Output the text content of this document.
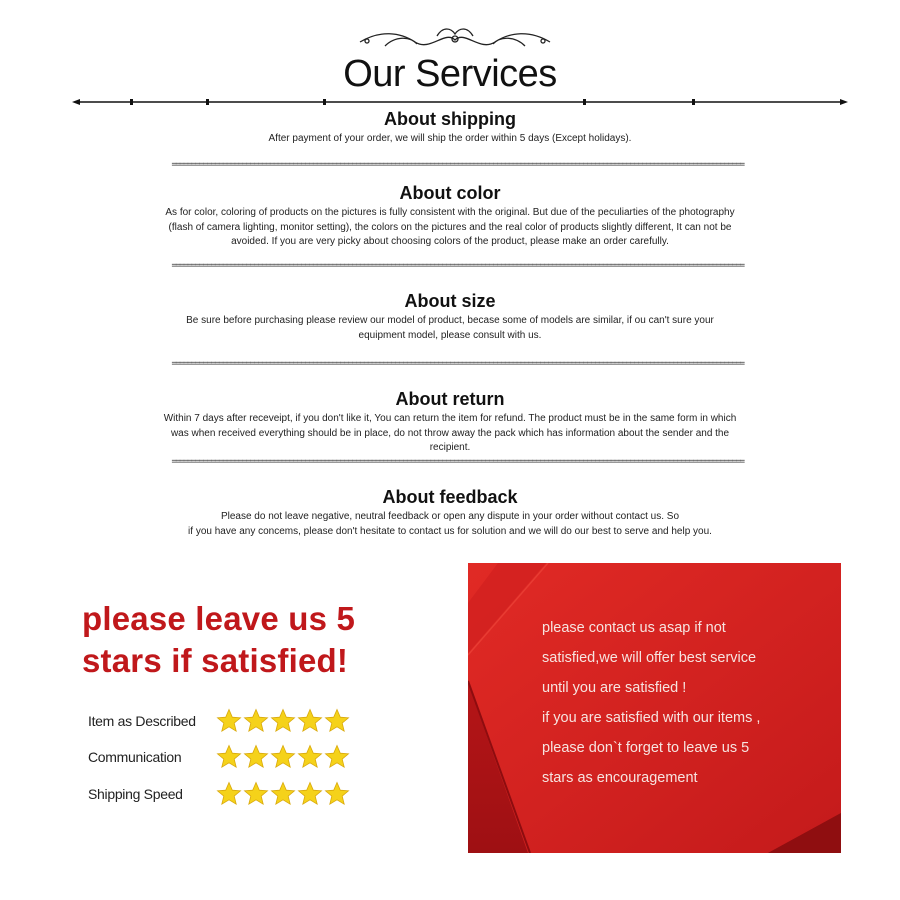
Our Services
About shipping

After payment of your order, we will ship the order within 5 days (Except holidays).

==================================================================================================================================================
About color

As for color, coloring of products on the pictures is fully consistent with the original. But due of the peculiarties of the photography
(flash of camera lighting, monitor setting), the colors on the pictures and the real color of products slightly different, It can not be
avoided. If you are very picky about choosing colors of the product, please make an order carefully.

==================================================================================================================================================
About size

Be sure before purchasing please review our model of product, becase some of models are similar, if ou can't sure your
equipment model, please consult with us.

==================================================================================================================================================
About return

Within 7 days after receveipt, if you don't like it, You can return the item for refund. The product must be in the same form in which
was when received everything should be in place, do not throw away the pack which has information about the sender and the
recipient.

==================================================================================================================================================
About feedback

Please do not leave negative, neutral feedback or open any dispute in your order without contact us. So
if you have any concems, please don't hesitate to contact us for solution and we will do our best to serve and help you.

please leave us 5
stars if satisfied!
Item as Described
Communication
Shipping Speed
please contact us asap if not
satisfied,we will offer best service
until you are satisfied !
if you are satisfied with our items ,
please don`t forget to leave us 5
stars as encouragement
